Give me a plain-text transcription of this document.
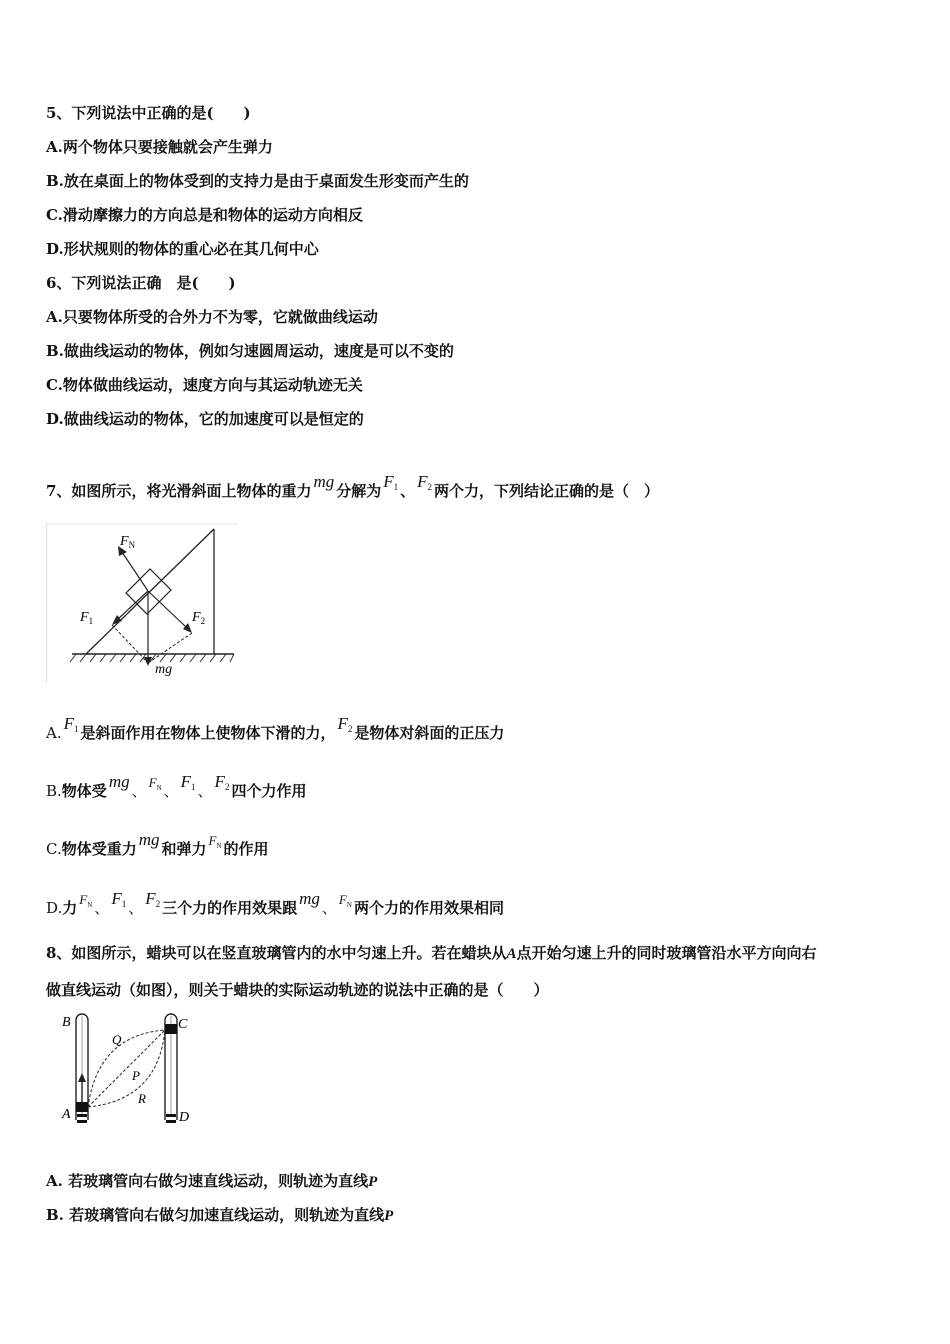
5、下列说法中正确的是(　　)
A.两个物体只要接触就会产生弹力
B.放在桌面上的物体受到的支持力是由于桌面发生形变而产生的
C.滑动摩擦力的方向总是和物体的运动方向相反
D.形状规则的物体的重心必在其几何中心
6、下列说法正确　是(　　)
A.只要物体所受的合外力不为零，它就做曲线运动
B.做曲线运动的物体，例如匀速圆周运动，速度是可以不变的
C.物体做曲线运动，速度方向与其运动轨迹无关
D.做曲线运动的物体，它的加速度可以是恒定的
7、如图所示，将光滑斜面上物体的重力 mg 分解为 F1 、 F2 两个力，下列结论正确的是（　）
$F_N$
$F_1$	$F_2$
mg
A. F1 是斜面作用在物体上使物体下滑的力， F2 是物体对斜面的正压力
B.物体受 mg 、 $F_N$ 、 F1 、 F2 四个力作用
C.物体受重力 mg 和弹力 $F_N$ 的作用
D.力 $F_N$ 、 F1 、 F2 三个力的作用效果跟 mg 、 $F_N$ 两个力的作用效果相同
8、如图所示，蜡块可以在竖直玻璃管内的水中匀速上升。若在蜡块从A点开始匀速上升的同时玻璃管沿水平方向向右
做直线运动（如图），则关于蜡块的实际运动轨迹的说法中正确的是（　　）
B	C
Q
P
R
A	D
A. 若玻璃管向右做匀速直线运动，则轨迹为直线P
B. 若玻璃管向右做匀加速直线运动，则轨迹为直线P
